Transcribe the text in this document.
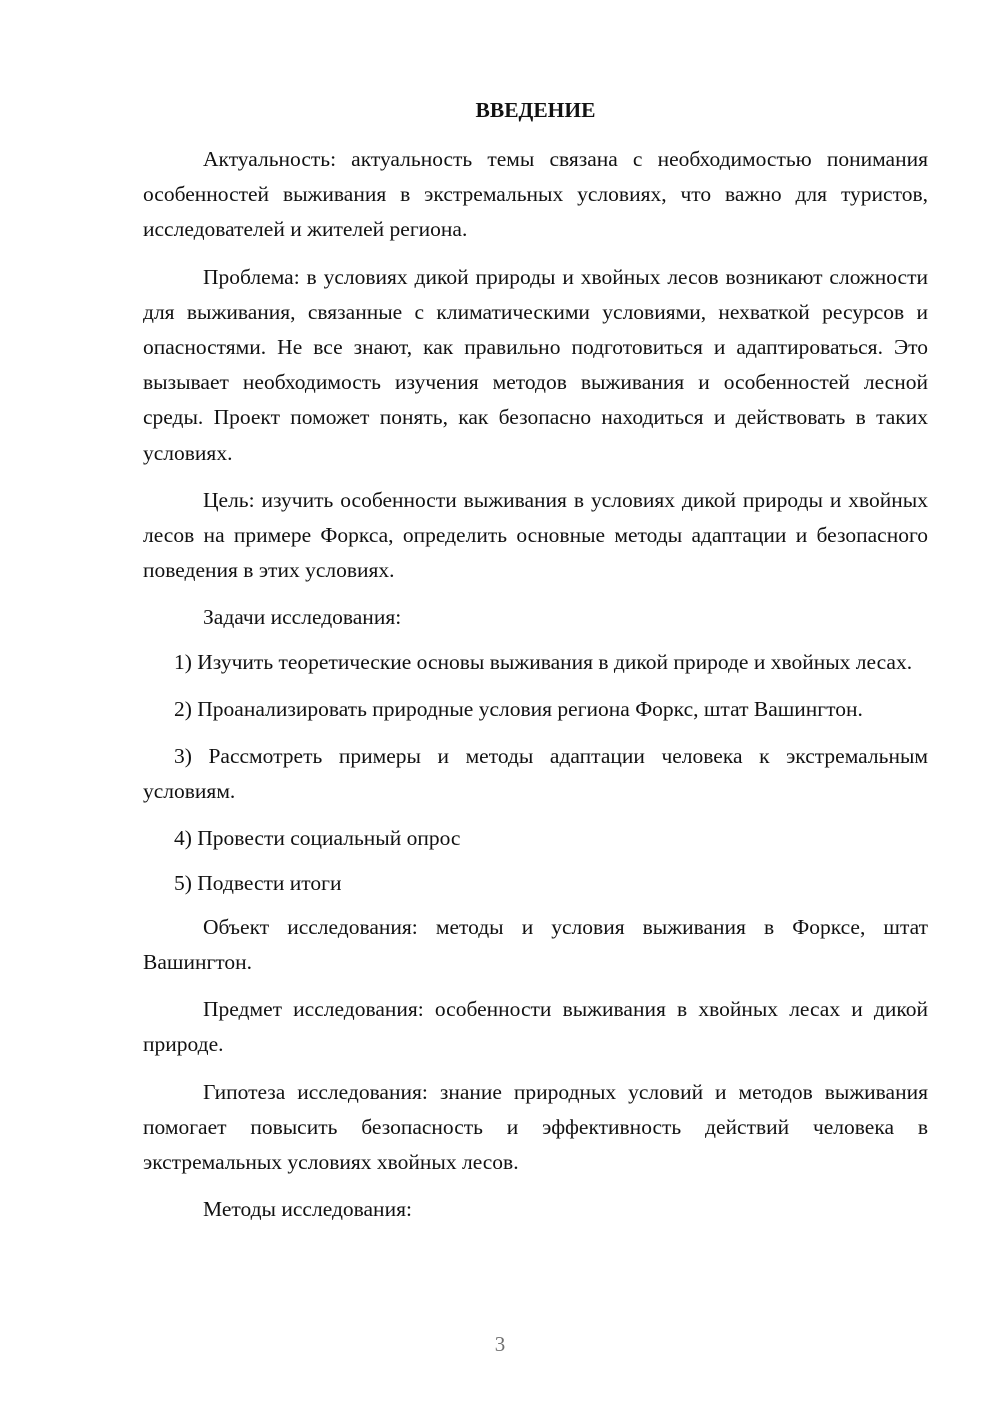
ВВЕДЕНИЕ

Актуальность: актуальность темы связана с необходимостью понимания особенностей выживания в экстремальных условиях, что важно для туристов, исследователей и жителей региона.

Проблема: в условиях дикой природы и хвойных лесов возникают сложности для выживания, связанные с климатическими условиями, нехваткой ресурсов и опасностями. Не все знают, как правильно подготовиться и адаптироваться. Это вызывает необходимость изучения методов выживания и особенностей лесной среды. Проект поможет понять, как безопасно находиться и действовать в таких условиях.

Цель: изучить особенности выживания в условиях дикой природы и хвойных лесов на примере Форкса, определить основные методы адаптации и безопасного поведения в этих условиях.

Задачи исследования:

1) Изучить теоретические основы выживания в дикой природе и хвойных лесах.

2) Проанализировать природные условия региона Форкс, штат Вашингтон.

3) Рассмотреть примеры и методы адаптации человека к экстремальным условиям.

4) Провести социальный опрос

5) Подвести итоги

Объект исследования: методы и условия выживания в Форксе, штат Вашингтон.

Предмет исследования: особенности выживания в хвойных лесах и дикой природе.

Гипотеза исследования: знание природных условий и методов выживания помогает повысить безопасность и эффективность действий человека в экстремальных условиях хвойных лесов.

Методы исследования:

3
